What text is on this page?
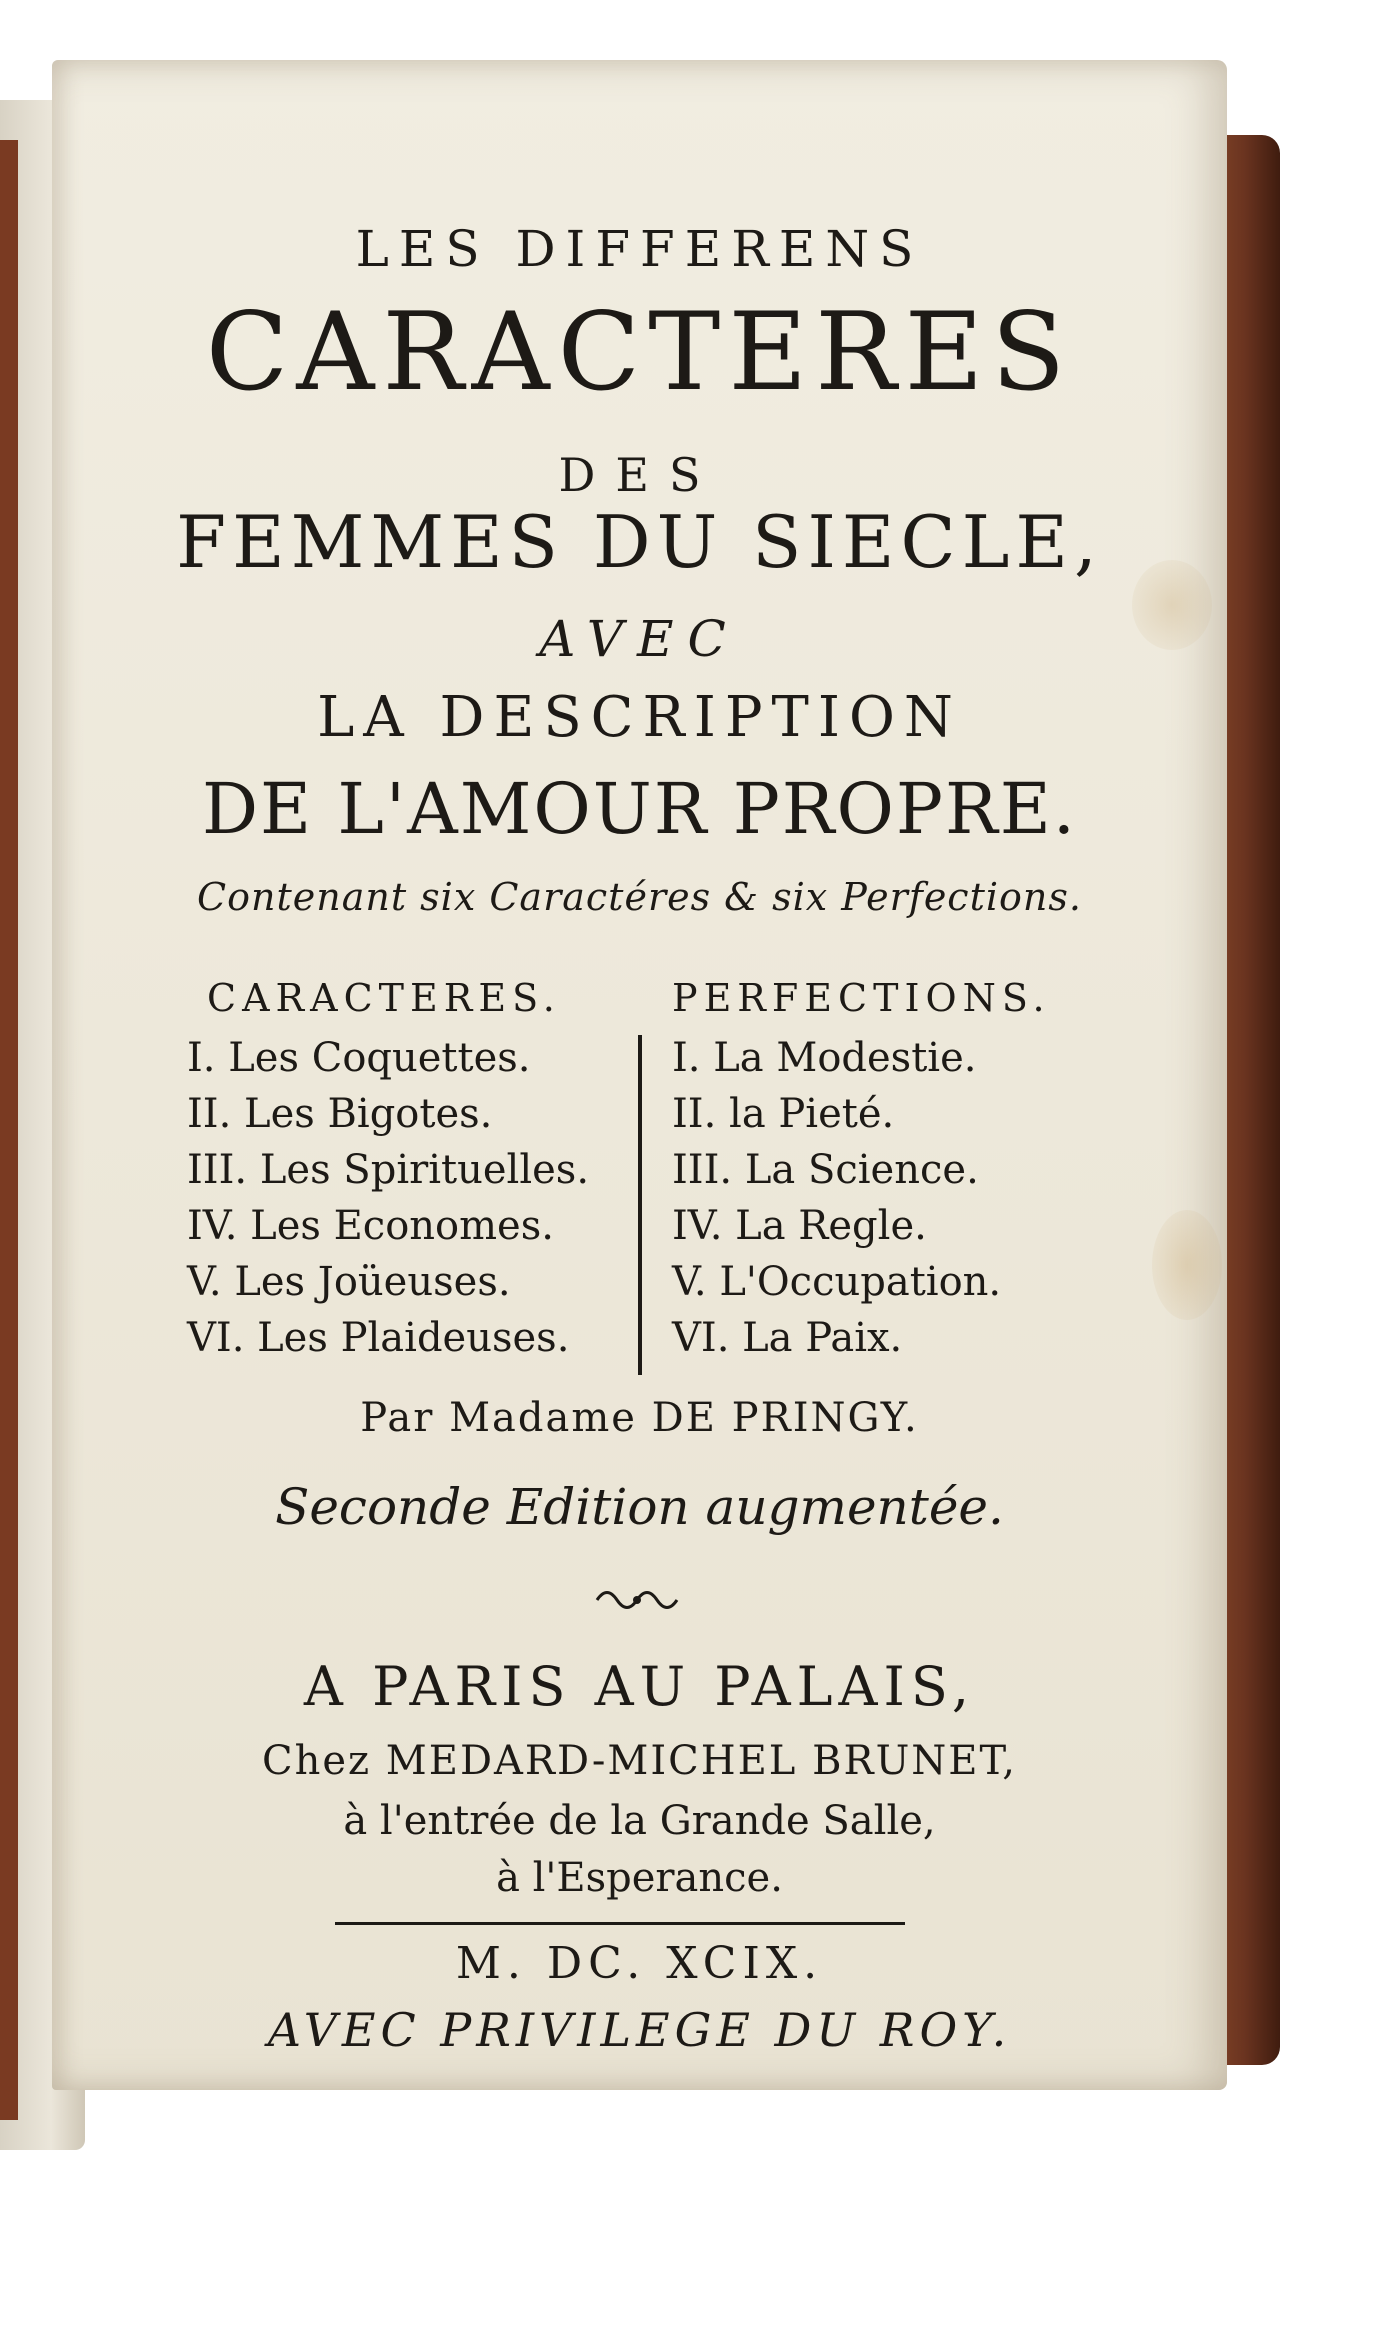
LES DIFFERENS

CARACTERES

DES

FEMMES DU SIECLE,

AVEC

LA DESCRIPTION

DE L'AMOUR PROPRE.

Contenant six Caractéres & six Perfections.

CARACTERES.
I. Les Coquettes.
II. Les Bigotes.
III. Les Spirituelles.
IV. Les Economes.
V. Les Joüeuses.
VI. Les Plaideuses.
PERFECTIONS.
I. La Modestie.
II. la Pieté.
III. La Science.
IV. La Regle.
V. L'Occupation.
VI. La Paix.

Par Madame DE PRINGY.

Seconde Edition augmentée.

A PARIS AU PALAIS,

Chez MEDARD-MICHEL BRUNET,

à l'entrée de la Grande Salle,

à l'Esperance.

M. DC. XCIX.

AVEC PRIVILEGE DU ROY.
